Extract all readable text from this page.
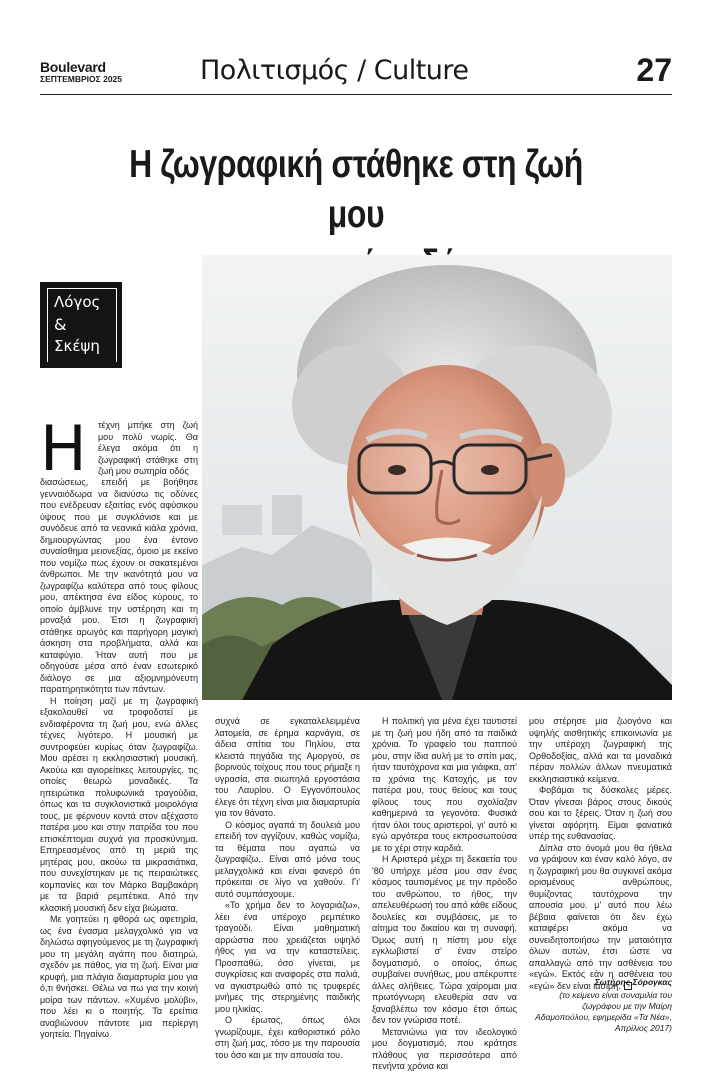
Boulevard
ΣΕΠΤΕΜΒΡΙΟΣ 2025	Πολιτισμός / Culture	27
Η ζωγραφική στάθηκε στη ζωή μου
Λόγος
&
Σκέψη
Η	τέχνη μπήκε στη ζωή μου πολύ νωρίς. Θα έλεγα ακόμα ότι η ζωγραφική στάθηκε στη ζωή μου σωτηρία οδός

διασώσεως, επειδή με βοήθησε γενναιόδωρα να διανύσω τις οδύνες που ενέδρευαν εξαιτίας ενός αφύσικου ύψους που με συγκλόνισε και με συνόδευε από τα νεανικά κιάλα χρόνια, δημιουργώντας μου ένα έντονο συναίσθημα μειονεξίας, όμοιο με εκείνο που νομίζω πως έχουν οι σακατεμένοι άνθρωποι. Με την ικανότητά μου να ζωγραφίζω καλύτερα από τους φίλους μου, απέκτησα ένα είδος κύρους, το οποίο άμβλυνε την υστέρηση και τη μοναξιά μου. Έτσι η ζωγραφική στάθηκε αρωγός και παρήγορη μαγική άσκηση στα προβλήματα, αλλά και καταφύγιο. Ήταν αυτή που με οδηγούσε μέσα από έναν εσωτερικό διάλογο σε μια αξιομνημόνευτη παρατηρητικότητα των πάντων.

Η ποίηση μαζί με τη ζωγραφική εξακολουθεί να τροφοδοτεί με ενδιαφέροντα τη ζωή μου, ενώ άλλες τέχνες λιγότερο. Η μουσική με συντροφεύει κυρίως όταν ζωγραφίζω. Μου αρέσει η εκκλησιαστική μουσική. Ακούω και αγιορείτικες λειτουργίες, τις οποίες θεωρώ μοναδικές. Τα ηπειρώτικα πολυφωνικά τραγούδια, όπως και τα συγκλονιστικά μοιρολόγια τους, με φέρνουν κοντά στον αξέχαστο πατέρα μου και στην πατρίδα του που επισκέπτομαι συχνά για προσκύνημα. Επηρεασμένος από τη μεριά της μητέρας μου, ακούω τα μικρασιάτικα, που συνεχίστηκαν με τις πειραιώτικες κομπανίες και τον Μάρκο Βαμβακάρη με τα βαριά ρεμπέτικα. Από την κλασική μουσική δεν είχα βιώματα.

Με γοητεύει η φθορά ως αφετηρία, ως ένα ένασμα μελαγχολικό για να δηλώσω αφηγούμενος με τη ζωγραφική μου τη μεγάλη αγάπη που διατηρώ, σχεδόν με πάθος, για τη ζωή. Είναι μια κρυφή, μια πλάγια διαμαρτυρία μου για ό,τι θνήσκει. Θέλω να πω για την κοινή μοίρα των πάντων. «Χυμένο μολύβι», που λέει κι ο ποιητής. Τα ερείπια αναβιώνουν πάντοτε μια περίεργη γοητεία. Πηγαίνω

συχνά σε εγκαταλελειμμένα λατομεία, σε έρημα καρνάγια, σε άδεια σπίτια του Πηλίου, στα κλειστά πηγάδια της Αμοργού, σε βορινούς τοίχους που τους ρήμαξε η υγρασία, στα σιωπηλά εργοστάσια του Λαυρίου. Ο Εγγονόπουλος έλεγε ότι τέχνη είναι μια διαμαρτυρία για τον θάνατο.

Ο κόσμος αγαπά τη δουλειά μου επειδή τον αγγίζουν, καθώς νομίζω, τα θέματα που αγαπώ να ζωγραφίζω,. Είναι από μόνα τους μελαγχολικά και είναι φανερό ότι πρόκειται σε λίγο να χαθούν. Γι' αυτό συμπάσχουμε.

«Το χρήμα δεν το λογαριάζω», λέει ένα υπέροχο ρεμπέτικο τραγούδι. Είναι μαθηματική αρρώστια που χρειάζεται υψηλό ήθος για να την καταστείλεις. Προσπαθώ, όσο γίνεται, με συγκρίσεις και αναφορές στα παλιά, να αγκιστρωθώ από τις τρυφερές μνήμες της στερημένης παιδικής μου ηλικίας.

Ο έρωτας, όπως όλοι γνωρίζουμε, έχει καθοριστικό ρόλο στη ζωή μας, τόσο με την παρουσία του όσο και με την απουσία του.

Η πολιτική για μένα έχει ταυτιστεί με τη ζωή μου ήδη από τα παιδικά χρόνια. Το γραφείο του παππού μου, στην ίδια αυλή με το σπίτι μας, ήταν ταυτόχρονα και μια γιάφκα, απ' τα χρόνια της Κατοχής, με τον πατέρα μου, τους θείους και τους φίλους τους που σχολίαζαν καθημερινά τα γεγονότα. Φυσικά ήταν όλοι τους αριστεροί, γι' αυτό κι εγώ αργότερα τους εκπροσωπούσα με το χέρι στην καρδιά.

Η Αριστερά μέχρι τη δεκαετία του '80 υπήρχε μέσα μου σαν ένας κόσμος ταυτισμένος με την πρόοδο του ανθρώπου, το ήθος, την απελευθέρωσή του από κάθε είδους δουλείες και συμβάσεις, με το αίτημα του δικαίου και τη συναφή. Όμως αυτή η πίστη μου είχε εγκλωβιστεί σ' έναν στείρο δογματισμό, ο οποίος, όπως συμβαίνει συνήθως, μου απέκρυπτε άλλες αλήθειες. Τώρα χαίρομαι μια πρωτόγνωρη ελευθερία σαν να ξαναβλέπω τον κόσμο έτσι όπως δεν τον γνώρισα ποτέ.

Μετανιώνω για τον ιδεολογικό μου δογματισμό, που κράτησε πλάθους για περισσότερα από πενήντα χρόνια και

μου στέρησε μια ζωογόνο και υψηλής αισθητικής επικοινωνία με την υπέροχη ζωγραφική της Ορθοδοξίας, αλλά και τα μοναδικά πέραν πολλών άλλων πνευματικά εκκλησιαστικά κείμενα.

Φοβάμαι τις δύσκολες μέρες. Όταν γίνεσαι βάρος στους δικούς σου και το ξέρεις. Όταν η ζωή σου γίνεται αφόρητη. Είμαι φανατικά υπέρ της ευθανασίας.

Δίπλα στο όνομά μου θα ήθελα να γράψουν και έναν καλό λόγο, αν η ζωγραφική μου θα συγκινεί ακόμα ορισμένους ανθρώπους, θυμίζοντας ταυτόχρονα την απουσία μου. μ' αυτό που λέω βέβαια φαίνεται ότι δεν έχω καταφέρει ακόμα να συνειδητοποιήσω την ματαιότητα όλων αυτών, έτσι ώστε να απαλλαγώ από την ασθένεια του «εγώ». Εκτός εάν η ασθένεια του «εγώ» δεν είναι ιάσιμη.

Σωτήρης Σόρογκας
(το κείμενο είναι συναμιλία του ζωγράφου με την Μαίρη Αδαμοπούλου, εφημερίδα «Τα Νέα», Απρίλιος 2017)
